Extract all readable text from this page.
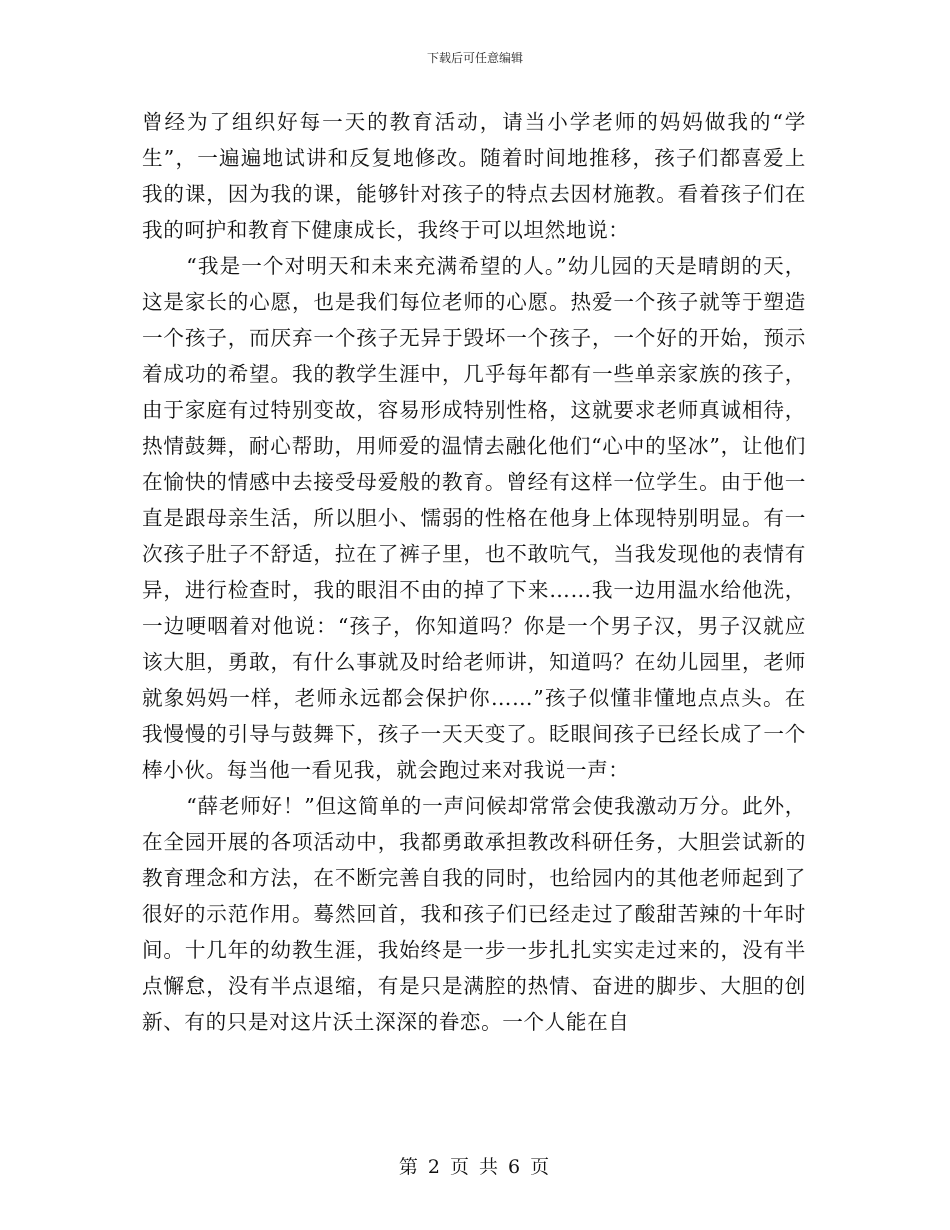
下载后可任意编辑

曾经为了组织好每一天的教育活动，请当小学老师的妈妈做我的“学生”，一遍遍地试讲和反复地修改。随着时间地推移，孩子们都喜爱上我的课，因为我的课，能够针对孩子的特点去因材施教。看着孩子们在我的呵护和教育下健康成长，我终于可以坦然地说：

“我是一个对明天和未来充满希望的人。”幼儿园的天是晴朗的天，这是家长的心愿，也是我们每位老师的心愿。热爱一个孩子就等于塑造一个孩子，而厌弃一个孩子无异于毁坏一个孩子，一个好的开始，预示着成功的希望。我的教学生涯中，几乎每年都有一些单亲家族的孩子，由于家庭有过特别变故，容易形成特别性格，这就要求老师真诚相待，热情鼓舞，耐心帮助，用师爱的温情去融化他们“心中的坚冰”，让他们在愉快的情感中去接受母爱般的教育。曾经有这样一位学生。由于他一直是跟母亲生活，所以胆小、懦弱的性格在他身上体现特别明显。有一次孩子肚子不舒适，拉在了裤子里，也不敢吭气，当我发现他的表情有异，进行检查时，我的眼泪不由的掉了下来……我一边用温水给他洗，一边哽咽着对他说：“孩子，你知道吗？你是一个男子汉，男子汉就应该大胆，勇敢，有什么事就及时给老师讲，知道吗？在幼儿园里，老师就象妈妈一样，老师永远都会保护你……”孩子似懂非懂地点点头。在我慢慢的引导与鼓舞下，孩子一天天变了。眨眼间孩子已经长成了一个棒小伙。每当他一看见我，就会跑过来对我说一声：

“薛老师好！”但这简单的一声问候却常常会使我激动万分。此外，在全园开展的各项活动中，我都勇敢承担教改科研任务，大胆尝试新的教育理念和方法，在不断完善自我的同时，也给园内的其他老师起到了很好的示范作用。蓦然回首，我和孩子们已经走过了酸甜苦辣的十年时间。十几年的幼教生涯，我始终是一步一步扎扎实实走过来的，没有半点懈怠，没有半点退缩，有是只是满腔的热情、奋进的脚步、大胆的创新、有的只是对这片沃土深深的眷恋。一个人能在自

第 2 页 共 6 页
